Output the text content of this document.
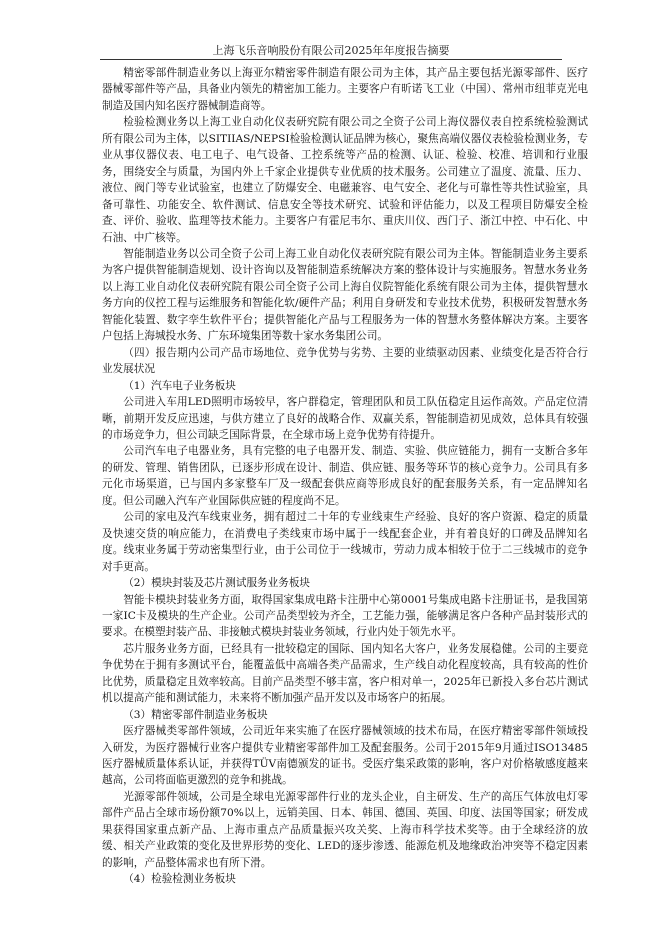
上海飞乐音响股份有限公司2025年年度报告摘要

精密零部件制造业务以上海亚尔精密零件制造有限公司为主体，其产品主要包括光源零部件、医疗器械零部件等产品，具备业内领先的精密加工能力。主要客户有昕诺飞工业（中国）、常州市纽菲克光电制造及国内知名医疗器械制造商等。

检验检测业务以上海工业自动化仪表研究院有限公司之全资子公司上海仪器仪表自控系统检验测试所有限公司为主体，以SITIIAS/NEPSI检验检测认证品牌为核心，聚焦高端仪器仪表检验检测业务，专业从事仪器仪表、电工电子、电气设备、工控系统等产品的检测、认证、检验、校准、培训和行业服务，围绕安全与质量，为国内外上千家企业提供专业优质的技术服务。公司建立了温度、流量、压力、液位、阀门等专业试验室，也建立了防爆安全、电磁兼容、电气安全、老化与可靠性等共性试验室，具备可靠性、功能安全、软件测试、信息安全等技术研究、试验和评估能力，以及工程项目防爆安全检查、评价、验收、监理等技术能力。主要客户有霍尼韦尔、重庆川仪、西门子、浙江中控、中石化、中石油、中广核等。

智能制造业务以公司全资子公司上海工业自动化仪表研究院有限公司为主体。智能制造业务主要系为客户提供智能制造规划、设计咨询以及智能制造系统解决方案的整体设计与实施服务。智慧水务业务以上海工业自动化仪表研究院有限公司全资子公司上海自仪院智能化系统有限公司为主体，提供智慧水务方向的仪控工程与运维服务和智能化软/硬件产品；利用自身研发和专业技术优势，积极研发智慧水务智能化装置、数字孪生软件平台；提供智能化产品与工程服务为一体的智慧水务整体解决方案。主要客户包括上海城投水务、广东环境集团等数十家水务集团公司。

（四）报告期内公司产品市场地位、竞争优势与劣势、主要的业绩驱动因素、业绩变化是否符合行业发展状况

（1）汽车电子业务板块

公司进入车用LED照明市场较早，客户群稳定，管理团队和员工队伍稳定且运作高效。产品定位清晰，前期开发反应迅速，与供方建立了良好的战略合作、双赢关系，智能制造初见成效，总体具有较强的市场竞争力，但公司缺乏国际背景，在全球市场上竞争优势有待提升。

公司汽车电子电器业务，具有完整的电子电器开发、制造、实验、供应链能力，拥有一支断合多年的研发、管理、销售团队，已逐步形成在设计、制造、供应链、服务等环节的核心竞争力。公司具有多元化市场渠道，已与国内多家整车厂及一级配套供应商等形成良好的配套服务关系，有一定品牌知名度。但公司融入汽车产业国际供应链的程度尚不足。

公司的家电及汽车线束业务，拥有超过二十年的专业线束生产经验、良好的客户资源、稳定的质量及快速交货的响应能力，在消费电子类线束市场中属于一线配套企业，并有着良好的口碑及品牌知名度。线束业务属于劳动密集型行业，由于公司位于一线城市，劳动力成本相较于位于二三线城市的竞争对手更高。

（2）模块封装及芯片测试服务业务板块

智能卡模块封装业务方面，取得国家集成电路卡注册中心第0001号集成电路卡注册证书，是我国第一家IC卡及模块的生产企业。公司产品类型较为齐全，工艺能力强，能够满足客户各种产品封装形式的要求。在模塑封装产品、非接触式模块封装业务领域，行业内处于领先水平。

芯片服务业务方面，已经具有一批较稳定的国际、国内知名大客户，业务发展稳健。公司的主要竞争优势在于拥有多测试平台，能覆盖低中高端各类产品需求，生产线自动化程度较高，具有较高的性价比优势，质量稳定且效率较高。目前产品类型不够丰富，客户相对单一，2025年已新投入多台芯片测试机以提高产能和测试能力，未来将不断加强产品开发以及市场客户的拓展。

（3）精密零部件制造业务板块

医疗器械类零部件领域，公司近年来实施了在医疗器械领域的技术布局，在医疗精密零部件领域投入研发，为医疗器械行业客户提供专业精密零部件加工及配套服务。公司于2015年9月通过ISO13485医疗器械质量体系认证，并获得TÜV南德颁发的证书。受医疗集采政策的影响，客户对价格敏感度越来越高，公司将面临更激烈的竞争和挑战。

光源零部件领域，公司是全球电光源零部件行业的龙头企业，自主研发、生产的高压气体放电灯零部件产品占全球市场份额70%以上，远销美国、日本、韩国、德国、英国、印度、法国等国家；研发成果获得国家重点新产品、上海市重点产品质量振兴攻关奖、上海市科学技术奖等。由于全球经济的放缓、相关产业政策的变化及世界形势的变化、LED的逐步渗透、能源危机及地缘政治冲突等不稳定因素的影响，产品整体需求也有所下滑。

（4）检验检测业务板块
